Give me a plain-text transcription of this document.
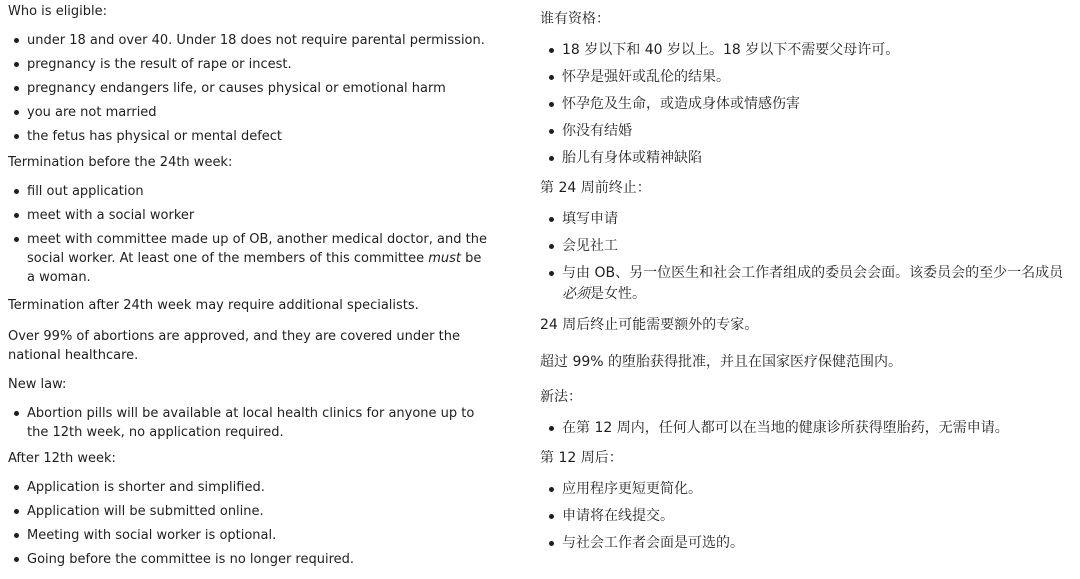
Who is eligible:
under 18 and over 40. Under 18 does not require parental permission.
pregnancy is the result of rape or incest.
pregnancy endangers life, or causes physical or emotional harm
you are not married
the fetus has physical or mental defect
Termination before the 24th week:
fill out application
meet with a social worker
meet with committee made up of OB, another medical doctor, and the social worker. At least one of the members of this committee must be a woman.

Termination after 24th week may require additional specialists.

Over 99% of abortions are approved, and they are covered under the national healthcare.

New law:
Abortion pills will be available at local health clinics for anyone up to the 12th week, no application required.
After 12th week:
Application is shorter and simplified.
Application will be submitted online.
Meeting with social worker is optional.
Going before the committee is no longer required.
谁有资格：
18 岁以下和 40 岁以上。18 岁以下不需要父母许可。
怀孕是强奸或乱伦的结果。
怀孕危及生命，或造成身体或情感伤害
你没有结婚
胎儿有身体或精神缺陷
第 24 周前终止：
填写申请
会见社工
与由 OB、另一位医生和社会工作者组成的委员会会面。该委员会的至少一名成员必须是女性。

24 周后终止可能需要额外的专家。

超过 99% 的堕胎获得批准，并且在国家医疗保健范围内。

新法：
在第 12 周内，任何人都可以在当地的健康诊所获得堕胎药，无需申请。
第 12 周后：
应用程序更短更简化。
申请将在线提交。
与社会工作者会面是可选的。
